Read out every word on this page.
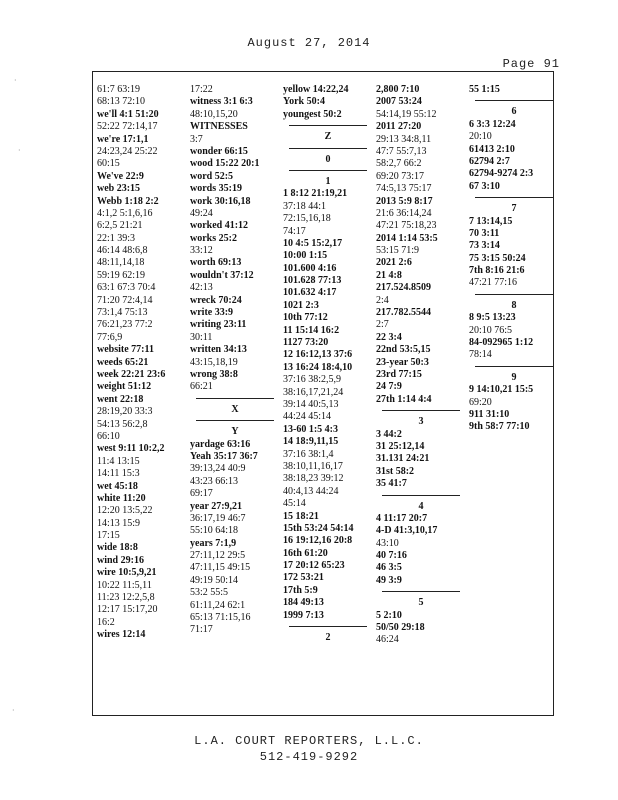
August 27, 2014
Page 91
61:7 63:19
68:13 72:10
we'll 4:1 51:20
52:22 72:14,17
we're 17:1,1
24:23,24 25:22
60:15
We've 22:9
web 23:15
Webb 1:18 2:2
4:1,2 5:1,6,16
6:2,5 21:21
22:1 39:3
46:14 48:6,8
48:11,14,18
59:19 62:19
63:1 67:3 70:4
71:20 72:4,14
73:1,4 75:13
76:21,23 77:2
77:6,9
website 77:11
weeds 65:21
week 22:21 23:6
weight 51:12
went 22:18
28:19,20 33:3
54:13 56:2,8
66:10
west 9:11 10:2,2
11:4 13:15
14:11 15:3
wet 45:18
white 11:20
12:20 13:5,22
14:13 15:9
17:15
wide 18:8
wind 29:16
wire 10:5,9,21
10:22 11:5,11
11:23 12:2,5,8
12:17 15:17,20
16:2
wires 12:14
17:22
witness 3:1 6:3
48:10,15,20
WITNESSES
3:7
wonder 66:15
wood 15:22 20:1
word 52:5
words 35:19
work 30:16,18
49:24
worked 41:12
works 25:2
33:12
worth 69:13
wouldn't 37:12
42:13
wreck 70:24
write 33:9
writing 23:11
30:11
written 34:13
43:15,18,19
wrong 38:8
66:21
X
Y
yardage 63:16
Yeah 35:17 36:7
39:13,24 40:9
43:23 66:13
69:17
year 27:9,21
36:17,19 46:7
55:10 64:18
years 7:1,9
27:11,12 29:5
47:11,15 49:15
49:19 50:14
53:2 55:5
61:11,24 62:1
65:13 71:15,16
71:17
yellow 14:22,24
York 50:4
youngest 50:2
Z
0
1
1 8:12 21:19,21
37:18 44:1
72:15,16,18
74:17
10 4:5 15:2,17
10:00 1:15
101.600 4:16
101.628 77:13
101.632 4:17
1021 2:3
10th 77:12
11 15:14 16:2
1127 73:20
12 16:12,13 37:6
13 16:24 18:4,10
37:16 38:2,5,9
38:16,17,21,24
39:14 40:5,13
44:24 45:14
13-60 1:5 4:3
14 18:9,11,15
37:16 38:1,4
38:10,11,16,17
38:18,23 39:12
40:4,13 44:24
45:14
15 18:21
15th 53:24 54:14
16 19:12,16 20:8
16th 61:20
17 20:12 65:23
172 53:21
17th 5:9
184 49:13
1999 7:13
2
2,800 7:10
2007 53:24
54:14,19 55:12
2011 27:20
29:13 34:8,11
47:7 55:7,13
58:2,7 66:2
69:20 73:17
74:5,13 75:17
2013 5:9 8:17
21:6 36:14,24
47:21 75:18,23
2014 1:14 53:5
53:15 71:9
2021 2:6
21 4:8
217.524.8509
2:4
217.782.5544
2:7
22 3:4
22nd 53:5,15
23-year 50:3
23rd 77:15
24 7:9
27th 1:14 4:4
3
3 44:2
31 25:12,14
31.131 24:21
31st 58:2
35 41:7
4
4 11:17 20:7
4-D 41:3,10,17
43:10
40 7:16
46 3:5
49 3:9
5
5 2:10
50/50 29:18
46:24
55 1:15
6
6 3:3 12:24
20:10
61413 2:10
62794 2:7
62794-9274 2:3
67 3:10
7
7 13:14,15
70 3:11
73 3:14
75 3:15 50:24
7th 8:16 21:6
47:21 77:16
8
8 9:5 13:23
20:10 76:5
84-092965 1:12
78:14
9
9 14:10,21 15:5
69:20
911 31:10
9th 58:7 77:10
L.A. COURT REPORTERS, L.L.C.
512-419-9292
·
·
·
